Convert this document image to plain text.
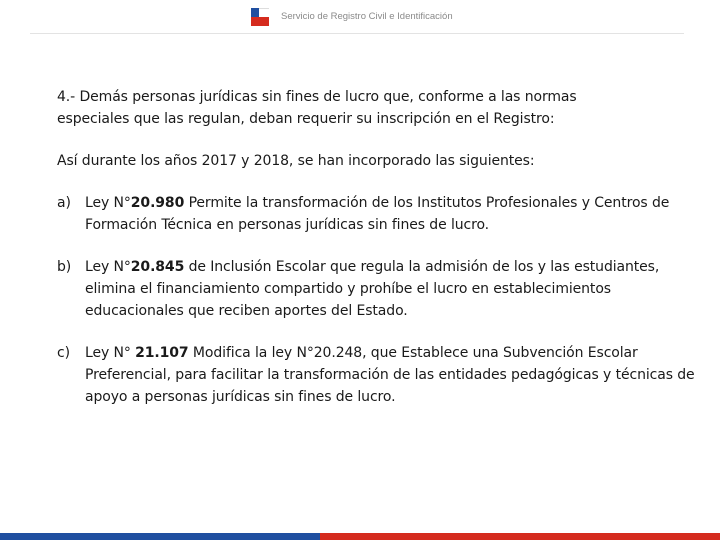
Servicio de Registro Civil e Identificación

4.- Demás personas jurídicas sin fines de lucro que, conforme a las normas
especiales que las regulan, deban requerir su inscripción en el Registro:

Así durante los años 2017 y 2018, se han incorporado las siguientes:

a) Ley N°20.980 Permite la transformación de los Institutos Profesionales y Centros de Formación Técnica en personas jurídicas sin fines de lucro.
b) Ley N°20.845 de Inclusión Escolar que regula la admisión de los y las estudiantes, elimina el financiamiento compartido y prohíbe el lucro en establecimientos educacionales que reciben aportes del Estado.
c) Ley N° 21.107 Modifica la ley N°20.248, que Establece una Subvención Escolar Preferencial, para facilitar la transformación de las entidades pedagógicas y técnicas de apoyo a personas jurídicas sin fines de lucro.
